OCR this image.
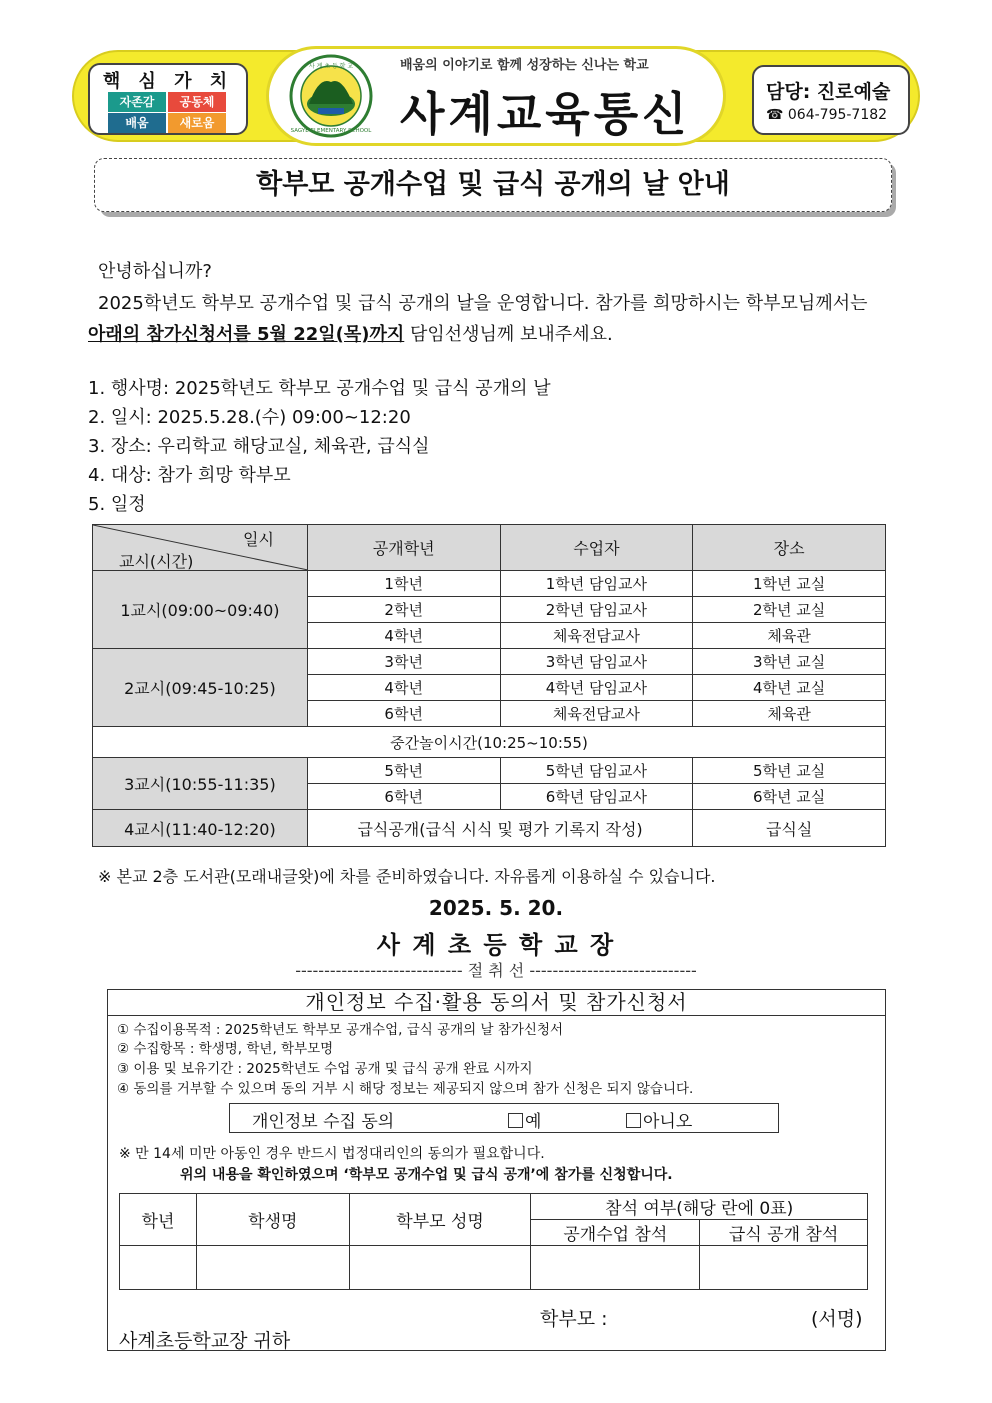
핵 심 가 치
자존감	공동체
배움	새로움
사 계 초 등 학 교
SAGYE ELEMENTARY SCHOOL
배움의 이야기로 함께 성장하는 신나는 학교
사계교육통신	담당: 진로예술
☎ 064-795-7182
학부모 공개수업 및 급식 공개의 날 안내
안녕하십니까?
2025학년도 학부모 공개수업 및 급식 공개의 날을 운영합니다. 참가를 희망하시는 학부모님께서는
아래의 참가신청서를 5월 22일(목)까지 담임선생님께 보내주세요.
1. 행사명: 2025학년도 학부모 공개수업 및 급식 공개의 날
2. 일시: 2025.5.28.(수) 09:00~12:20
3. 장소: 우리학교 해당교실, 체육관, 급식실
4. 대상: 참가 희망 학부모
5. 일정
일시
교시(시간)	공개학년	수업자	장소
1교시(09:00~09:40)	1학년	1학년 담임교사	1학년 교실
	2학년	2학년 담임교사	2학년 교실
	4학년	체육전담교사	체육관
2교시(09:45-10:25)	3학년	3학년 담임교사	3학년 교실
	4학년	4학년 담임교사	4학년 교실
	6학년	체육전담교사	체육관
중간놀이시간(10:25~10:55)			
3교시(10:55-11:35)	5학년	5학년 담임교사	5학년 교실
	6학년	6학년 담임교사	6학년 교실
4교시(11:40-12:20)	급식공개(급식 시식 및 평가 기록지 작성)		급식실
※ 본교 2층 도서관(모래내글왓)에 차를 준비하였습니다. 자유롭게 이용하실 수 있습니다.
2025. 5. 20.
사 계 초 등 학 교 장
----------------------------- 절 취 선 -----------------------------
개인정보 수집·활용 동의서 및 참가신청서
① 수집이용목적 : 2025학년도 학부모 공개수업, 급식 공개의 날 참가신청서
② 수집항목 : 학생명, 학년, 학부모명
③ 이용 및 보유기간 : 2025학년도 수업 공개 및 급식 공개 완료 시까지
④ 동의를 거부할 수 있으며 동의 거부 시 해당 정보는 제공되지 않으며 참가 신청은 되지 않습니다.
개인정보 수집 동의	예	아니오
※ 만 14세 미만 아동인 경우 반드시 법정대리인의 동의가 필요합니다.
위의 내용을 확인하였으며 ‘학부모 공개수업 및 급식 공개’에 참가를 신청합니다.
학년	학생명	학부모 성명	참석 여부(해당 란에 0표)	
			공개수업 참석	급식 공개 참석

학부모 :	(서명)
사계초등학교장 귀하
